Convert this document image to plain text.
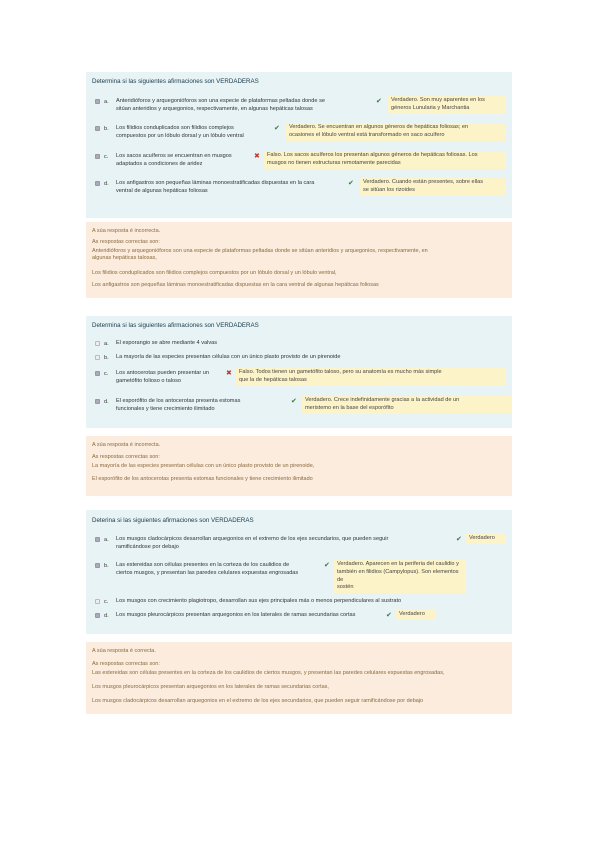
Determina si las siguientes afirmaciones son VERDADERAS
a. Anteridióforos y arquegonióforos son una especie de plataformas peltadas donde se
sitúan anteridios y arquegonios, respectivamente, en algunas hepáticas talosas
✔ Verdadero. Son muy aparentes en los
géneros Lunularia y Marchantia
b. Los filidios conduplicados son filidios complejos
compuestos por un lóbulo dorsal y un lóbulo ventral
✔ Verdadero. Se encuentran en algunos géneros de hepáticas foliosas; en
ocasiones el lóbulo ventral está transformado en saco acuífero
c. Los sacos acuíferos se encuentran en musgos
adaptados a condiciones de aridez
✖ Falso. Los sacos acuíferos los presentan algunos géneros de hepáticas foliosas. Los
musgos no tienen estructuras remotamente parecidas
d. Los anfigastros son pequeñas láminas monoestratificadas dispuestas en la cara
ventral de algunas hepáticas foliosas
✔ Verdadero. Cuando están presentes, sobre ellas
se sitúan los rizoides
A súa resposta é incorrecta.
As respostas correctas son:
Anteridióforos y arquegonióforos son una especie de plataformas peltadas donde se sitúan anteridios y arquegonios, respectivamente, en
algunas hepáticas talosas,
Los filidios conduplicados son filidios complejos compuestos por un lóbulo dorsal y un lóbulo ventral,
Los anfigastros son pequeñas láminas monoestratificadas dispuestas en la cara ventral de algunas hepáticas foliosas
Determina si las siguientes afirmaciones son VERDADERAS
a. El esporangio se abre mediante 4 valvas
b. La mayoría de las especies presentan células con un único plasto provisto de un pirenoide
c. Los antocerotas pueden presentar un
gametófito folioso o taloso
✖ Falso. Todos tienen un gametófito taloso, pero su anatomía es mucho más simple
que la de hepáticas talosas
d. El esporófito de los antocerotas presenta estomas
funcionales y tiene crecimiento ilimitado
✔ Verdadero. Crece indefinidamente gracias a la actividad de un
meristemo en la base del esporófito
A súa resposta é incorrecta.
As respostas correctas son:
La mayoría de las especies presentan células con un único plasto provisto de un pirenoide,
El esporófito de los antocerotas presenta estomas funcionales y tiene crecimiento ilimitado
Deterina si las siguientes afirmaciones son VERDADERAS
a. Los musgos cladocárpicos desarrollan arquegonios en el extremo de los ejes secundarios, que pueden seguir
ramificándose por debajo
✔ Verdadero
b. Las estereidas son células presentes en la corteza de los caulidios de
ciertos musgos, y presentan las paredes celulares expuestas engrosadas
✔ Verdadero. Aparecen en la periferia del caulidio y
también en filidios (Campylopus). Son elementos de
sostén
c. Los musgos con crecimiento plagiotropo, desarrollan sus ejes principales más o menos perpendiculares al sustrato
d. Los musgos pleurocárpicos presentan arquegonios en los laterales de ramas secundarias cortas	✔ Verdadero
A súa resposta é correcta.
As respostas correctas son:
Las estereidas son células presentes en la corteza de los caulidios de ciertos musgos, y presentan las paredes celulares expuestas engrosadas,
Los musgos pleurocárpicos presentan arquegonios en los laterales de ramas secundarias cortas,
Los musgos cladocárpicos desarrollan arquegonios en el extremo de los ejes secundarios, que pueden seguir ramificándose por debajo
